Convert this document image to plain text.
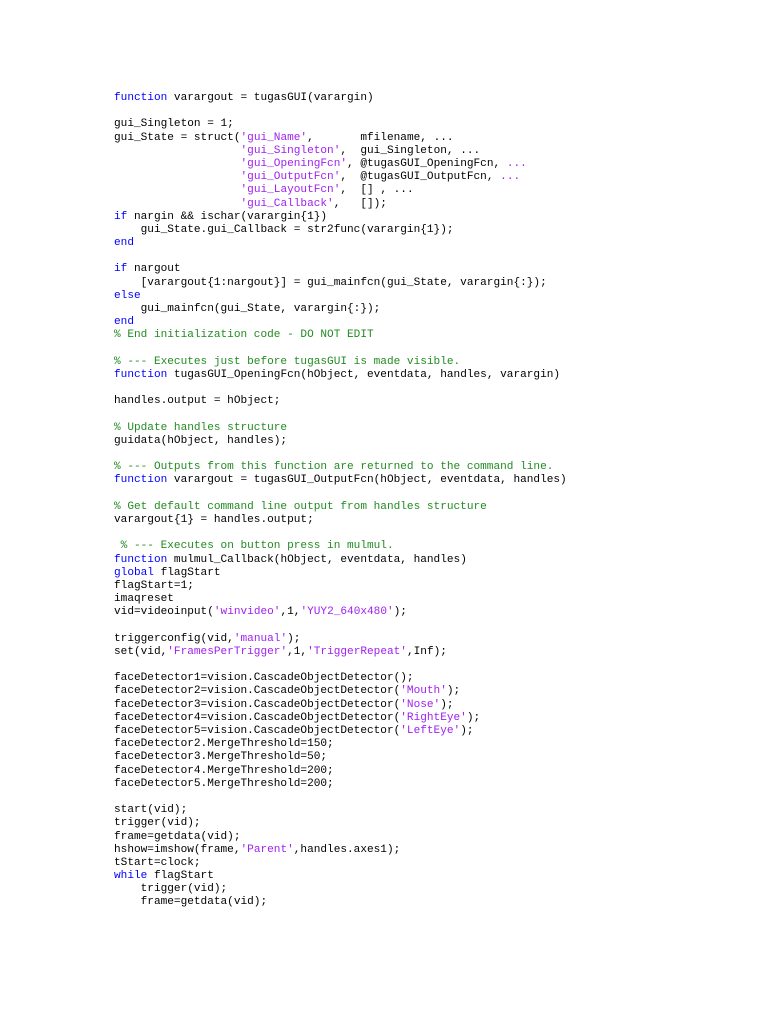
function varargout = tugasGUI(varargin)
gui_Singleton = 1;
gui_State = struct('gui_Name',       mfilename, ...
'gui_Singleton',  gui_Singleton, ...
'gui_OpeningFcn', @tugasGUI_OpeningFcn, ...
'gui_OutputFcn',  @tugasGUI_OutputFcn, ...
'gui_LayoutFcn',  [] , ...
'gui_Callback',   []);
if nargin && ischar(varargin{1})
gui_State.gui_Callback = str2func(varargin{1});
end
if nargout
[varargout{1:nargout}] = gui_mainfcn(gui_State, varargin{:});
else
gui_mainfcn(gui_State, varargin{:});
end
% End initialization code - DO NOT EDIT
% --- Executes just before tugasGUI is made visible.
function tugasGUI_OpeningFcn(hObject, eventdata, handles, varargin)
handles.output = hObject;
% Update handles structure
guidata(hObject, handles);
% --- Outputs from this function are returned to the command line.
function varargout = tugasGUI_OutputFcn(hObject, eventdata, handles)
% Get default command line output from handles structure
varargout{1} = handles.output;
% --- Executes on button press in mulmul.
function mulmul_Callback(hObject, eventdata, handles)
global flagStart
flagStart=1;
imaqreset
vid=videoinput('winvideo',1,'YUY2_640x480');
triggerconfig(vid,'manual');
set(vid,'FramesPerTrigger',1,'TriggerRepeat',Inf);
faceDetector1=vision.CascadeObjectDetector();
faceDetector2=vision.CascadeObjectDetector('Mouth');
faceDetector3=vision.CascadeObjectDetector('Nose');
faceDetector4=vision.CascadeObjectDetector('RightEye');
faceDetector5=vision.CascadeObjectDetector('LeftEye');
faceDetector2.MergeThreshold=150;
faceDetector3.MergeThreshold=50;
faceDetector4.MergeThreshold=200;
faceDetector5.MergeThreshold=200;
start(vid);
trigger(vid);
frame=getdata(vid);
hshow=imshow(frame,'Parent',handles.axes1);
tStart=clock;
while flagStart
trigger(vid);
frame=getdata(vid);
